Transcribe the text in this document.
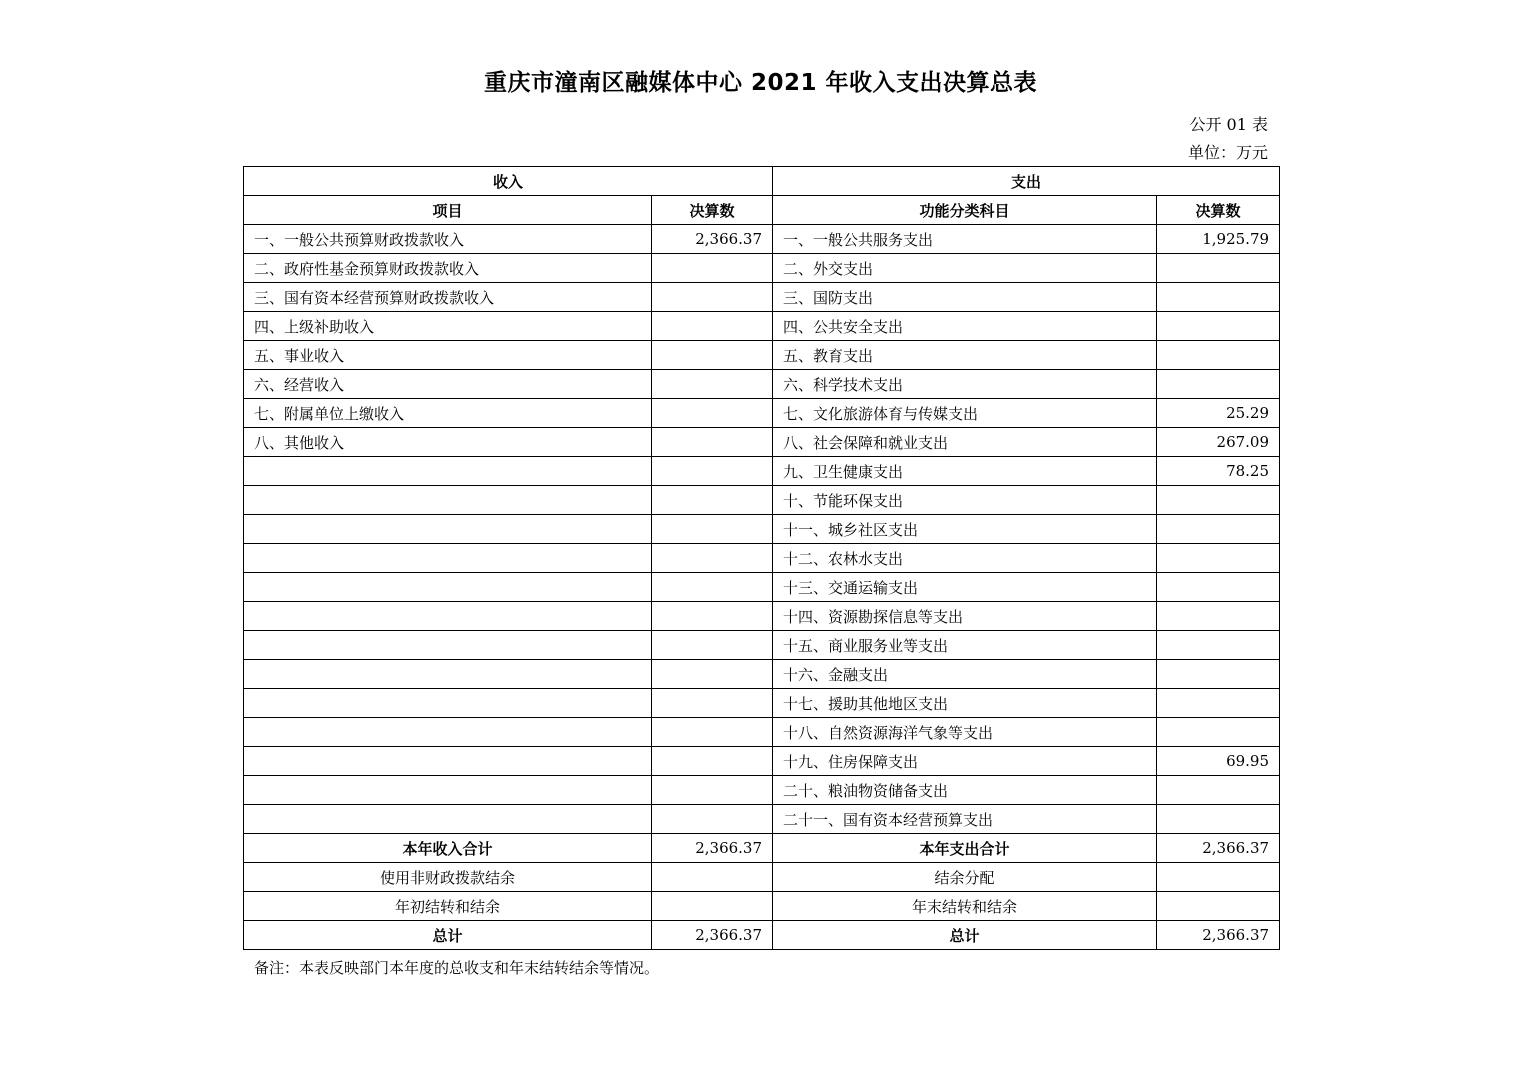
重庆市潼南区融媒体中心 2021 年收入支出决算总表
公开 01 表
单位：万元
收入		支出	
项目	决算数	功能分类科目	决算数
一、一般公共预算财政拨款收入	2,366.37	一、一般公共服务支出	1,925.79
二、政府性基金预算财政拨款收入		二、外交支出	
三、国有资本经营预算财政拨款收入		三、国防支出	
四、上级补助收入		四、公共安全支出	
五、事业收入		五、教育支出	
六、经营收入		六、科学技术支出	
七、附属单位上缴收入		七、文化旅游体育与传媒支出	25.29
八、其他收入		八、社会保障和就业支出	267.09
		九、卫生健康支出	78.25
		十、节能环保支出	
		十一、城乡社区支出	
		十二、农林水支出	
		十三、交通运输支出	
		十四、资源勘探信息等支出	
		十五、商业服务业等支出	
		十六、金融支出	
		十七、援助其他地区支出	
		十八、自然资源海洋气象等支出	
		十九、住房保障支出	69.95
		二十、粮油物资储备支出	
		二十一、国有资本经营预算支出	
本年收入合计	2,366.37	本年支出合计	2,366.37
使用非财政拨款结余		结余分配	
年初结转和结余		年末结转和结余	
总计	2,366.37	总计	2,366.37
备注：本表反映部门本年度的总收支和年末结转结余等情况。
